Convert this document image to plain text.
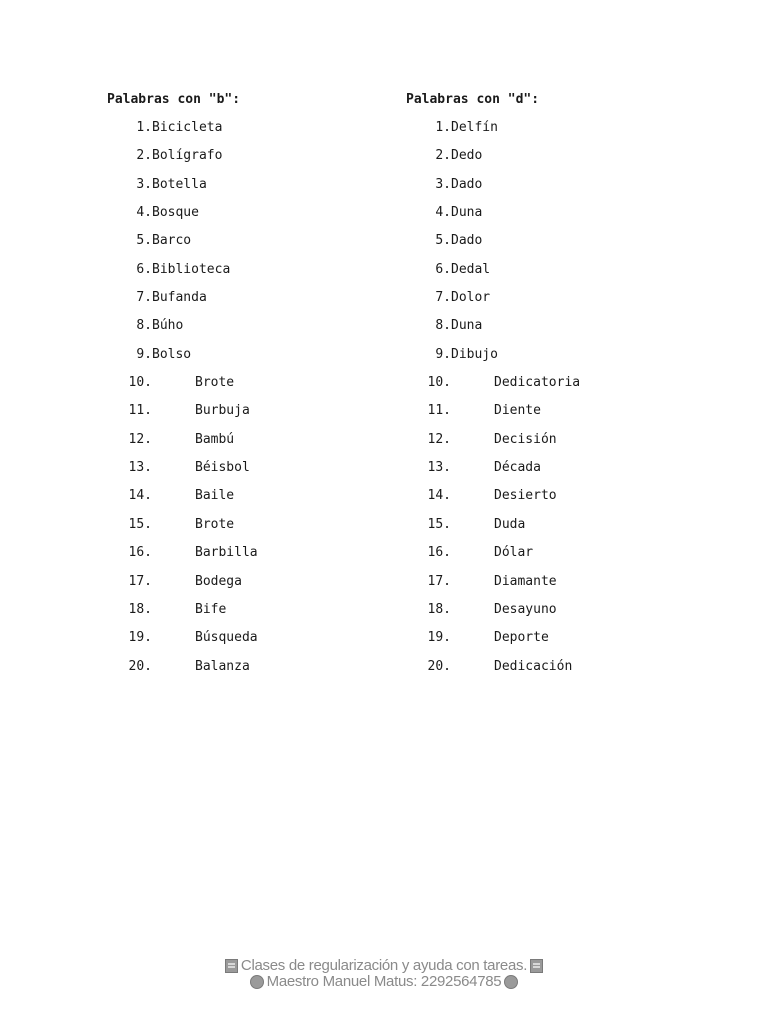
Palabras con "b":

1. Bicicleta
2. Bolígrafo
3. Botella
4. Bosque
5. Barco
6. Biblioteca
7. Bufanda
8. Búho
9. Bolso
10.	Brote
11.	Burbuja
12.	Bambú
13.	Béisbol
14.	Baile
15.	Brote
16.	Barbilla
17.	Bodega
18.	Bife
19.	Búsqueda
20.	Balanza

Palabras con "d":

1. Delfín
2. Dedo
3. Dado
4. Duna
5. Dado
6. Dedal
7. Dolor
8. Duna
9. Dibujo
10.	Dedicatoria
11.	Diente
12.	Decisión
13.	Década
14.	Desierto
15.	Duda
16.	Dólar
17.	Diamante
18.	Desayuno
19.	Deporte
20.	Dedicación
Clases de regularización y ayuda con tareas.
Maestro Manuel Matus: 2292564785
